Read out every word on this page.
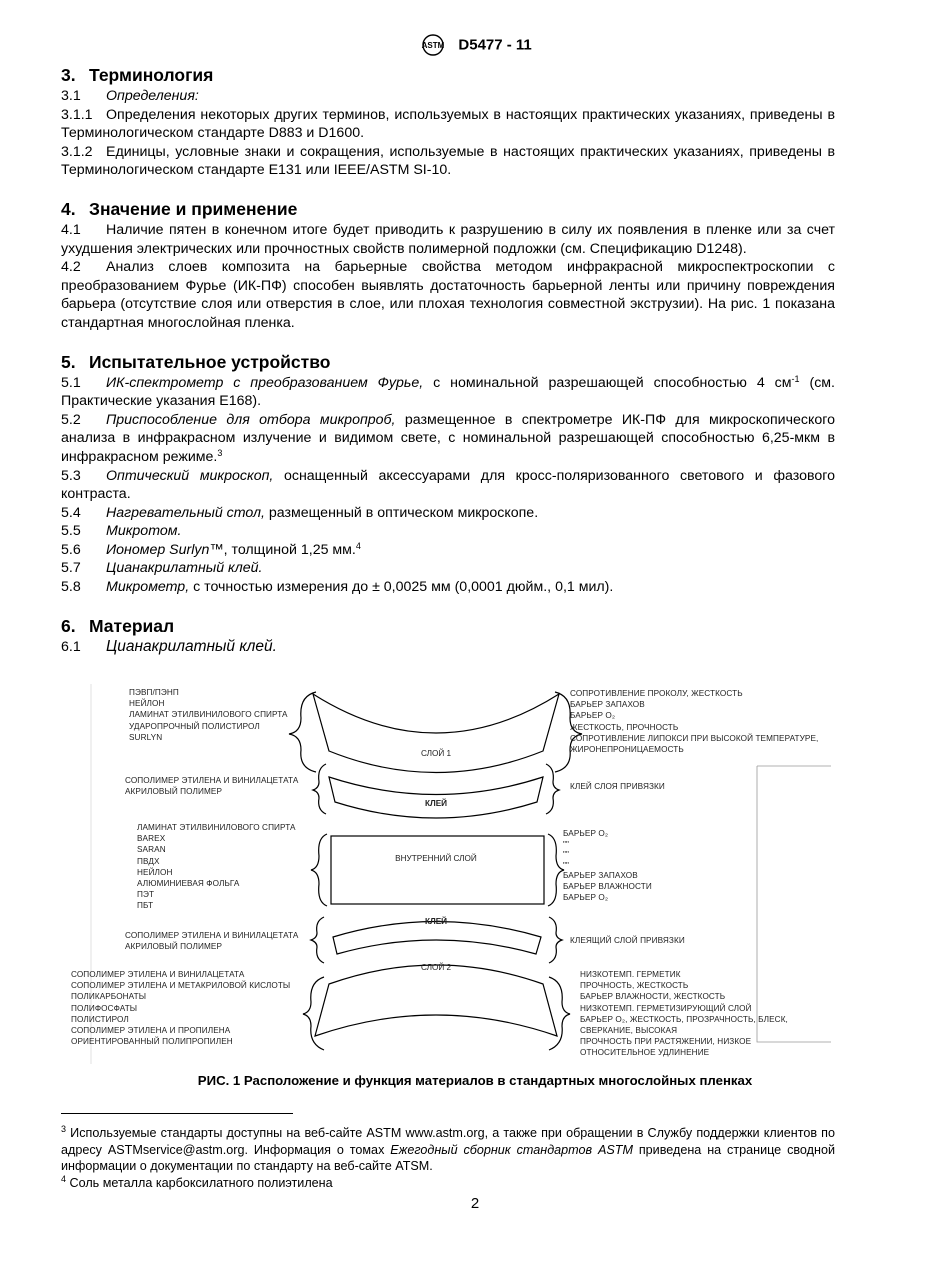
ASTM D5477 - 11
3. Терминология

3.1 Определения:

3.1.1 Определения некоторых других терминов, используемых в настоящих практических указаниях, приведены в Терминологическом стандарте D883 и D1600.

3.1.2 Единицы, условные знаки и сокращения, используемые в настоящих практических указаниях, приведены в Терминологическом стандарте E131 или IEEE/ASTM SI-10.

4. Значение и применение

4.1 Наличие пятен в конечном итоге будет приводить к разрушению в силу их появления в пленке или за счет ухудшения электрических или прочностных свойств полимерной подложки (см. Спецификацию D1248).

4.2 Анализ слоев композита на барьерные свойства методом инфракрасной микроспектроскопии с преобразованием Фурье (ИК-ПФ) способен выявлять достаточность барьерной ленты или причину повреждения барьера (отсутствие слоя или отверстия в слое, или плохая технология совместной экструзии). На рис. 1 показана стандартная многослойная пленка.

5. Испытательное устройство

5.1 ИК-спектрометр с преобразованием Фурье, с номинальной разрешающей способностью 4 $см^{-1}$ (см. Практические указания E168).

5.2 Приспособление для отбора микропроб, размещенное в спектрометре ИК-ПФ для микроскопического анализа в инфракрасном излучение и видимом свете, с номинальной разрешающей способностью 6,25-мкм в инфракрасном режиме.$^3$

5.3 Оптический микроскоп, оснащенный аксессуарами для кросс-поляризованного светового и фазового контраста.

5.4 Нагревательный стол, размещенный в оптическом микроскопе.

5.5 Микротом.

5.6 Иономер Surlyn™, толщиной 1,25 мм.$^4$

5.7 Цианакрилатный клей.

5.8 Микрометр, с точностью измерения до ± 0,0025 мм (0,0001 дюйм., 0,1 мил).

6. Материал

6.1 Цианакрилатный клей.

СЛОЙ 1
КЛЕЙ
ВНУТРЕННИЙ СЛОЙ
КЛЕЙ
СЛОЙ 2
ПЭВП/ПЭНП
НЕЙЛОН
ЛАМИНАТ ЭТИЛВИНИЛОВОГО СПИРТА
УДАРОПРОЧНЫЙ ПОЛИСТИРОЛ
SURLYN
СОПОЛИМЕР ЭТИЛЕНА И ВИНИЛАЦЕТАТА
АКРИЛОВЫЙ ПОЛИМЕР
ЛАМИНАТ ЭТИЛВИНИЛОВОГО СПИРТА
BAREX
SARAN
ПВДХ
НЕЙЛОН
АЛЮМИНИЕВАЯ ФОЛЬГА
ПЭТ
ПБТ
СОПОЛИМЕР ЭТИЛЕНА И ВИНИЛАЦЕТАТА
АКРИЛОВЫЙ ПОЛИМЕР
СОПОЛИМЕР ЭТИЛЕНА И ВИНИЛАЦЕТАТА
СОПОЛИМЕР ЭТИЛЕНА И МЕТАКРИЛОВОЙ КИСЛОТЫ
ПОЛИКАРБОНАТЫ
ПОЛИФОСФАТЫ
ПОЛИСТИРОЛ
СОПОЛИМЕР ЭТИЛЕНА И ПРОПИЛЕНА
ОРИЕНТИРОВАННЫЙ ПОЛИПРОПИЛЕН
СОПРОТИВЛЕНИЕ ПРОКОЛУ, ЖЕСТКОСТЬ
БАРЬЕР ЗАПАХОВ
БАРЬЕР O₂
ЖЕСТКОСТЬ, ПРОЧНОСТЬ
СОПРОТИВЛЕНИЕ ЛИПОКСИ ПРИ ВЫСОКОЙ ТЕМПЕРАТУРЕ,
ЖИРОНЕПРОНИЦАЕМОСТЬ
КЛЕЙ СЛОЯ ПРИВЯЗКИ
БАРЬЕР O₂
""
""
""
БАРЬЕР ЗАПАХОВ
БАРЬЕР ВЛАЖНОСТИ
БАРЬЕР O₂
КЛЕЯЩИЙ СЛОЙ ПРИВЯЗКИ
НИЗКОТЕМП. ГЕРМЕТИК
ПРОЧНОСТЬ, ЖЕСТКОСТЬ
БАРЬЕР ВЛАЖНОСТИ, ЖЕСТКОСТЬ
НИЗКОТЕМП. ГЕРМЕТИЗИРУЮЩИЙ СЛОЙ
БАРЬЕР O₂, ЖЕСТКОСТЬ, ПРОЗРАЧНОСТЬ, БЛЕСК,
СВЕРКАНИЕ, ВЫСОКАЯ
ПРОЧНОСТЬ ПРИ РАСТЯЖЕНИИ, НИЗКОЕ
ОТНОСИТЕЛЬНОЕ УДЛИНЕНИЕ
РИС. 1 Расположение и функция материалов в стандартных многослойных пленках

$^3$ Используемые стандарты доступны на веб-сайте ASTM www.astm.org, а также при обращении в Службу поддержки клиентов по адресу ASTMservice@astm.org. Информация о томах Ежегодный сборник стандартов ASTM приведена на странице сводной информации о документации по стандарту на веб-сайте ATSM.

$^4$ Соль металла карбоксилатного полиэтилена

2
